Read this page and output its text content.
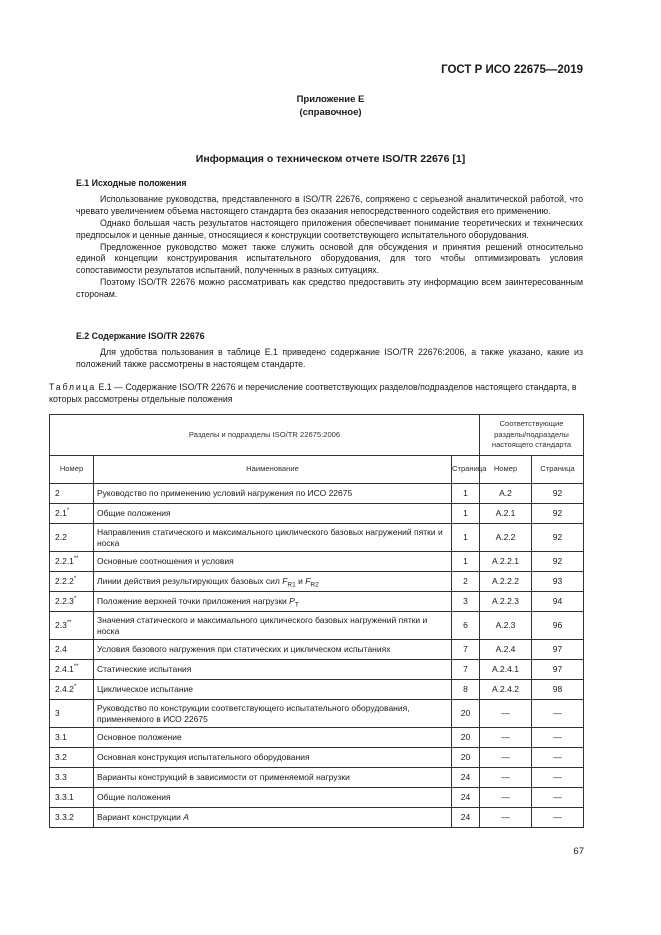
ГОСТ Р ИСО 22675—2019
Приложение Е
(справочное)
Информация о техническом отчете ISO/TR 22676 [1]

Е.1 Исходные положения

Использование руководства, представленного в ISO/TR 22676, сопряжено с серьезной аналитической работой, что чревато увеличением объема настоящего стандарта без оказания непосредственного содействия его применению.

Однако большая часть результатов настоящего приложения обеспечивает понимание теоретических и технических предпосылок и ценные данные, относящиеся к конструкции соответствующего испытательного оборудования.

Предложенное руководство может также служить основой для обсуждения и принятия решений относительно единой концепции конструирования испытательного оборудования, для того чтобы оптимизировать условия сопоставимости результатов испытаний, полученных в разных ситуациях.

Поэтому ISO/TR 22676 можно рассматривать как средство предоставить эту информацию всем заинтересованным сторонам.

Е.2 Содержание ISO/TR 22676

Для удобства пользования в таблице Е.1 приведено содержание ISO/TR 22676:2006, а также указано, какие из положений также рассмотрены в настоящем стандарте.

Таблица Е.1 — Содержание ISO/TR 22676 и перечисление соответствующих разделов/подразделов настоящего стандарта, в которых рассмотрены отдельные положения
Разделы и подразделы ISO/TR 22675:2006			Соответствующие разделы/подразделы настоящего стандарта	
Номер	Наименование	Страница	Номер	Страница
2	Руководство по применению условий нагружения по ИСО 22675	1	А.2	92
2.1*	Общие положения	1	А.2.1	92
2.2	Направления статического и максимального циклического базовых нагружений пятки и носка	1	А.2.2	92
2.2.1**	Основные соотношения и условия	1	А.2.2.1	92
2.2.2*	Линии действия результирующих базовых сил $F_{R1}$ и $F_{R2}$	2	А.2.2.2	93
2.2.3*	Положение верхней точки приложения нагрузки $P_T$	3	А.2.2.3	94
2.3**	Значения статического и максимального циклического базовых нагружений пятки и носка	6	А.2.3	96
2.4	Условия базового нагружения при статических и циклическом испытаниях	7	А.2.4	97
2.4.1**	Статические испытания	7	А.2.4.1	97
2.4.2*	Циклическое испытание	8	А.2.4.2	98
3	Руководство по конструкции соответствующего испытательного оборудования, применяемого в ИСО 22675	20	—	—
3.1	Основное положение	20	—	—
3.2	Основная конструкция испытательного оборудования	20	—	—
3.3	Варианты конструкций в зависимости от применяемой нагрузки	24	—	—
3.3.1	Общие положения	24	—	—
3.3.2	Вариант конструкции A	24	—	—
67
